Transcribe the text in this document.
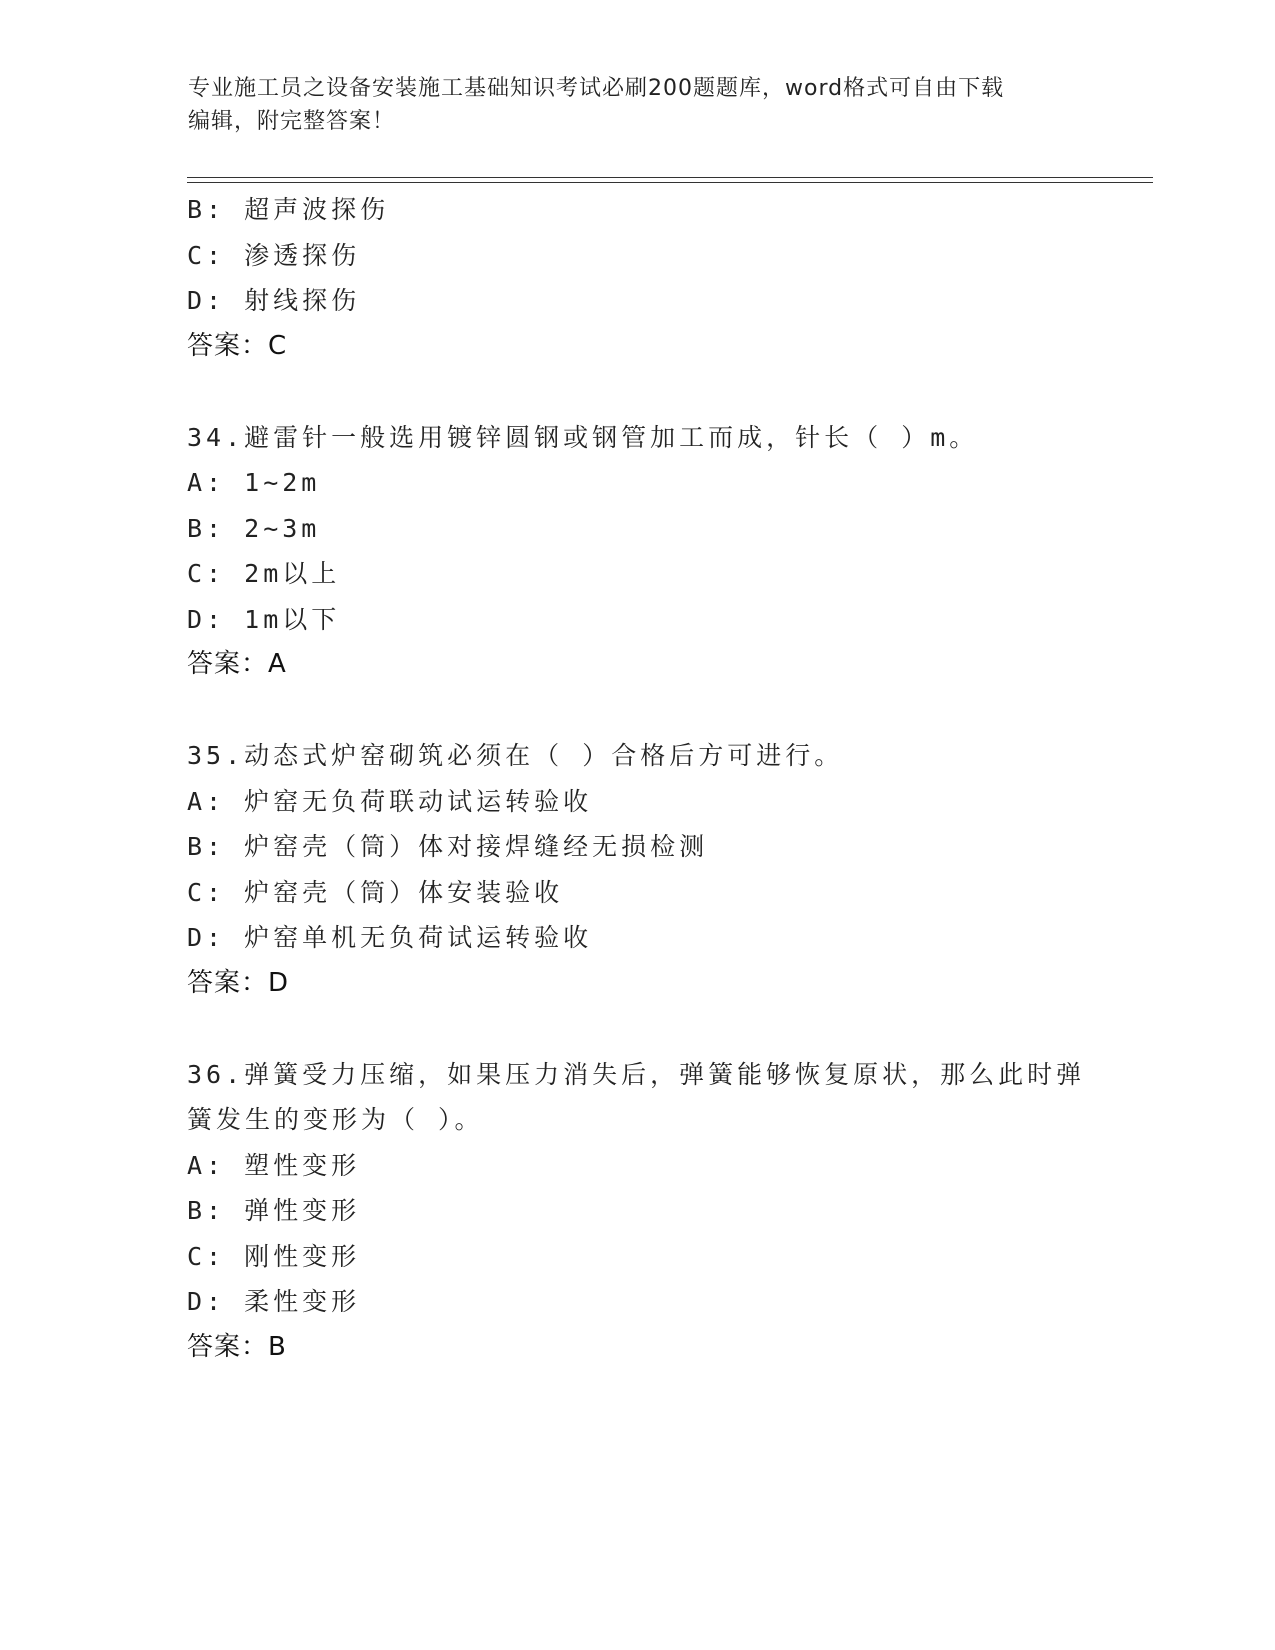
专业施工员之设备安装施工基础知识考试必刷200题题库，word格式可自由下载
编辑，附完整答案！
B: 超声波探伤
C: 渗透探伤
D: 射线探伤
答案：C
34.避雷针一般选用镀锌圆钢或钢管加工而成，针长（ ）m。
A: 1~2m
B: 2~3m
C: 2m以上
D: 1m以下
答案：A
35.动态式炉窑砌筑必须在（ ）合格后方可进行。
A: 炉窑无负荷联动试运转验收
B: 炉窑壳（筒）体对接焊缝经无损检测
C: 炉窑壳（筒）体安装验收
D: 炉窑单机无负荷试运转验收
答案：D
36.弹簧受力压缩，如果压力消失后，弹簧能够恢复原状，那么此时弹
簧发生的变形为（ ）。
A: 塑性变形
B: 弹性变形
C: 刚性变形
D: 柔性变形
答案：B
